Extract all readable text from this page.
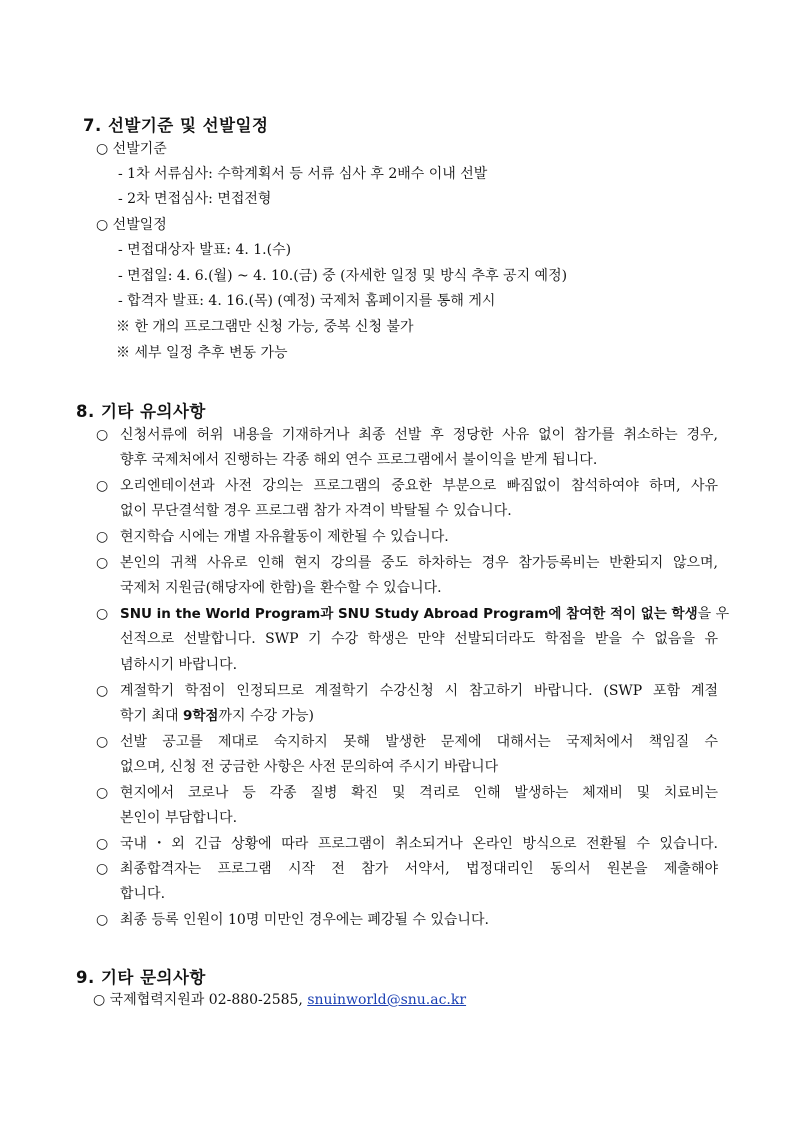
7. 선발기준 및 선발일정
○ 선발기준
- 1차 서류심사: 수학계획서 등 서류 심사 후 2배수 이내 선발
- 2차 면접심사: 면접전형
○ 선발일정
- 면접대상자 발표: 4. 1.(수)
- 면접일: 4. 6.(월) ~ 4. 10.(금) 중 (자세한 일정 및 방식 추후 공지 예정)
- 합격자 발표: 4. 16.(목) (예정) 국제처 홈페이지를 통해 게시
※ 한 개의 프로그램만 신청 가능, 중복 신청 불가
※ 세부 일정 추후 변동 가능
8. 기타 유의사항
○ 신청서류에 허위 내용을 기재하거나 최종 선발 후 정당한 사유 없이 참가를 취소하는 경우,
향후 국제처에서 진행하는 각종 해외 연수 프로그램에서 불이익을 받게 됩니다.
○ 오리엔테이션과 사전 강의는 프로그램의 중요한 부분으로 빠짐없이 참석하여야 하며, 사유
없이 무단결석할 경우 프로그램 참가 자격이 박탈될 수 있습니다.
○ 현지학습 시에는 개별 자유활동이 제한될 수 있습니다.
○ 본인의 귀책 사유로 인해 현지 강의를 중도 하차하는 경우 참가등록비는 반환되지 않으며,
국제처 지원금(해당자에 한함)을 환수할 수 있습니다.
○ SNU in the World Program과 SNU Study Abroad Program에 참여한 적이 없는 학생 을 우
선적으로 선발합니다. SWP 기 수강 학생은 만약 선발되더라도 학점을 받을 수 없음을 유
념하시기 바랍니다.
○ 계절학기 학점이 인정되므로 계절학기 수강신청 시 참고하기 바랍니다. (SWP 포함 계절
학기 최대 9학점까지 수강 가능)
○ 선발 공고를 제대로 숙지하지 못해 발생한 문제에 대해서는 국제처에서 책임질 수
없으며, 신청 전 궁금한 사항은 사전 문의하여 주시기 바랍니다
○ 현지에서 코로나 등 각종 질병 확진 및 격리로 인해 발생하는 체재비 및 치료비는
본인이 부담합니다.
○ 국내・외 긴급 상황에 따라 프로그램이 취소되거나 온라인 방식으로 전환될 수 있습니다.
○ 최종합격자는 프로그램 시작 전 참가 서약서, 법정대리인 동의서 원본을 제출해야
합니다.
○ 최종 등록 인원이 10명 미만인 경우에는 폐강될 수 있습니다.
9. 기타 문의사항
○ 국제협력지원과 02-880-2585, snuinworld@snu.ac.kr
